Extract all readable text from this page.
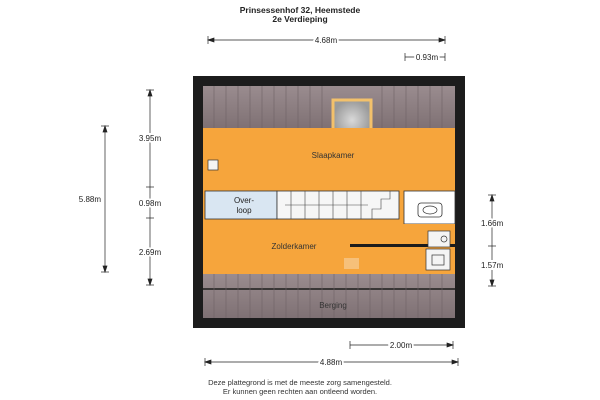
Prinsessenhof 32, Heemstede
2e Verdieping
Slaapkamer
Over-
loop
Zolderkamer
Berging
4.68m
0.93m
5.88m
3.95m
0.98m
2.69m
1.66m
1.57m
2.00m
4.88m
Deze plattegrond is met de meeste zorg samengesteld.
Er kunnen geen rechten aan ontleend worden.
